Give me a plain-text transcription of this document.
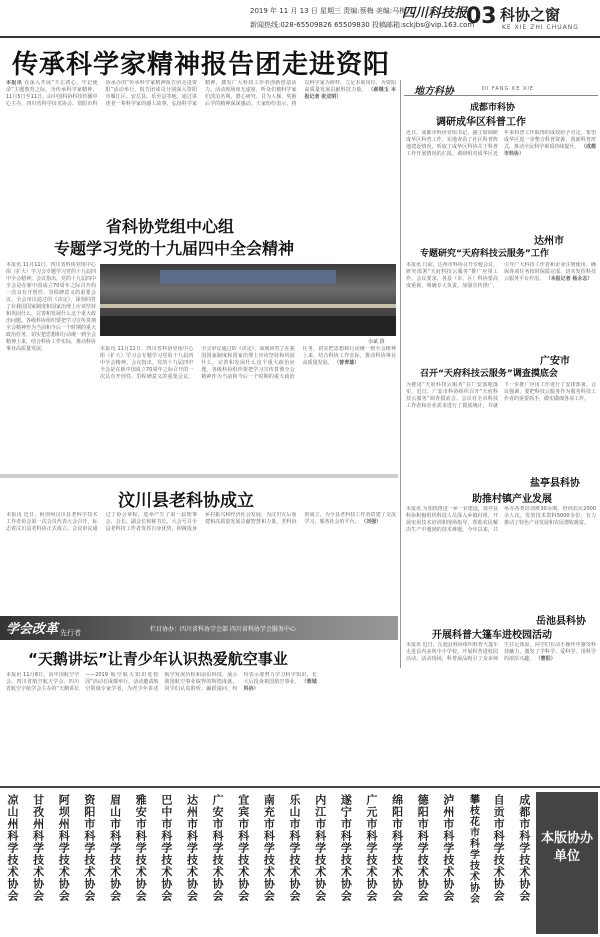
2019 年 11 月 13 日 星期三 责编:蔡梅 美编:马梅
新闻热线:028-65509826 65509830 投稿邮箱:sckjbs@vip.163.com
四川科技报
03 科协之窗
KE XIE ZHI CHUANG
传承科学家精神报告团走进资阳
本报讯 在深入开展“不忘初心、牢记使命”主题教育之际，为传承科学家精神，11月5日至11日，由中国科协科技传播中心主办，四川省科学技术协会、资阳市科协承办的“传承科学家精神报告团走进资阳”活动举行。报告团成员分别深入资阳市雁江区、安岳县、乐至县等地，通过讲述老一辈科学家的感人故事，弘扬科学家精神，激发广大科技工作者创新创造活力。活动现场座无虚席，听众们被科学家们淡泊名利、潜心研究、甘为人梯、奖掖后学的精神深深感动。大家纷纷表示，将以科学家为榜样，立足本职岗位，为资阳高质量发展贡献科技力量。 （郝继玉 本报记者 张双明）	地方科协	DI FANG KE XIE
成都市科协
调研成华区科普工作
近日，成都市科协党组书记、副主席调研成华区科普工作，实地查看了社区科普阵地建设情况，听取了成华区科协关于科普工作开展情况的汇报。调研组对成华区近年来科普工作取得的成效给予肯定，希望成华区进一步整合科普资源，创新科普形式，推动全民科学素质持续提升。 （成都市科协）
达州市
专题研究“天府科技云服务”工作
本报讯 日前，达州市科协召开专题会议，研究部署“天府科技云服务”推广应用工作。会议要求，各县（市、区）科协要高度重视，明确专人负责，加强宣传推广，引导广大科技工作者和企业注册使用，确保各项任务按时保质完成，切实发挥科技云服务平台作用。 （本报记者 杨永志）
广安市
召开“天府科技云服务”调查摸底会
为推进“天府科技云服务”在广安落地落实，近日，广安市科协组织召开“天府科技云服务”调查摸底会。会议对全市科技工作者和企业需求进行了摸底统计，并就下一步推广应用工作进行了安排部署。会议强调，要把科技云服务作为服务科技工作者的重要抓手，做实做细各项工作。
省科协党组中心组
专题学习党的十九届四中全会精神
本报讯 11月11日，四川省科协党组中心组（扩大）学习会专题学习党的十九届四中全会精神。会议指出，党的十九届四中全会是在新中国成立70周年之际召开的一次具有开创性、里程碑意义的重要会议。全会审议通过的《决定》，深刻回答了在我国国家制度和国家治理上应该坚持和巩固什么、完善和发展什么这个重大政治问题。各级科协组织要把学习宣传贯彻全会精神作为当前和今后一个时期的重大政治任务，切实把思想和行动统一到全会精神上来，结合科协工作实际，推动科协事业高质量发展。
余斌 摄
本报讯 11月11日，四川省科协党组中心组（扩大）学习会专题学习党的十九届四中全会精神。会议指出，党的十九届四中全会是在新中国成立70周年之际召开的一次具有开创性、里程碑意义的重要会议。全会审议通过的《决定》，深刻回答了在我国国家制度和国家治理上应该坚持和巩固什么、完善和发展什么这个重大政治问题。各级科协组织要把学习宣传贯彻全会精神作为当前和今后一个时期的重大政治任务，切实把思想和行动统一到全会精神上来，结合科协工作实际，推动科协事业高质量发展。 （曾青雄）
盐亭县科协
助推村镇产业发展
本报讯 为加快推进一乡一业建设，盐亭县科协积极组织科技人员深入乡镇村组，开展实用技术培训和现场指导，帮助农民解决生产中遇到的技术难题。今年以来，共举办各类培训班30余期，培训农民2000余人次，发放技术资料5000余份，有力推动了特色产业发展和农民增收致富。
汶川县老科协成立
本报讯 近日，阿坝州汶川县老科学技术工作者协会第一次会员代表大会召开，标志着汶川县老科协正式成立。会议审议通过了协会章程，选举产生了第一届理事会、会长、副会长和秘书长。大会号召全县老科技工作者发挥自身优势，积极投身乡村振兴和经济社会发展，为汶川灾后重建和高质量发展贡献智慧和力量。老科协的成立，为全县老科技工作者搭建了交流学习、服务社会的平台。 （刘强）
岳池县科协
开展科普大篷车进校园活动
本报讯 近日，岳池县科协组织科普大篷车走进县内多所中小学校，开展科普进校园活动。活动现场，科普展品吸引了众多师生驻足体验，同学们在动手操作中感受科技魅力，激发了学科学、爱科学、用科学的浓厚兴趣。 （曹阳）
学会改革 先行者	栏目协办：四川省科协学会部 四川省科协学会服务中心
“天鹅讲坛”让青少年认识热爱航空事业
本报讯 11月8日，由中国航空学会、四川省航空航天学会、四川省航空宇航学会主办的“天鹅讲坛——2019 航空航天知识进校园”活动在成都举行。活动邀请航空领域专家学者，为青少年讲述航空发展历程和前沿科技，展示我国航空事业取得的辉煌成就。同学们认真聆听，踊跃提问，纷纷表示要努力学习科学知识，长大后投身祖国航空事业。 （蓉城科协）
凉山州科学技术协会 甘孜州科学技术协会 阿坝州科学技术协会 资阳市科学技术协会 眉山市科学技术协会 雅安市科学技术协会 巴中市科学技术协会 达州市科学技术协会 广安市科学技术协会 宜宾市科学技术协会 南充市科学技术协会 乐山市科学技术协会 内江市科学技术协会 遂宁市科学技术协会 广元市科学技术协会 绵阳市科学技术协会 德阳市科学技术协会 泸州市科学技术协会 攀枝花市科学技术协会 自贡市科学技术协会 成都市科学技术协会 本版协办单位
